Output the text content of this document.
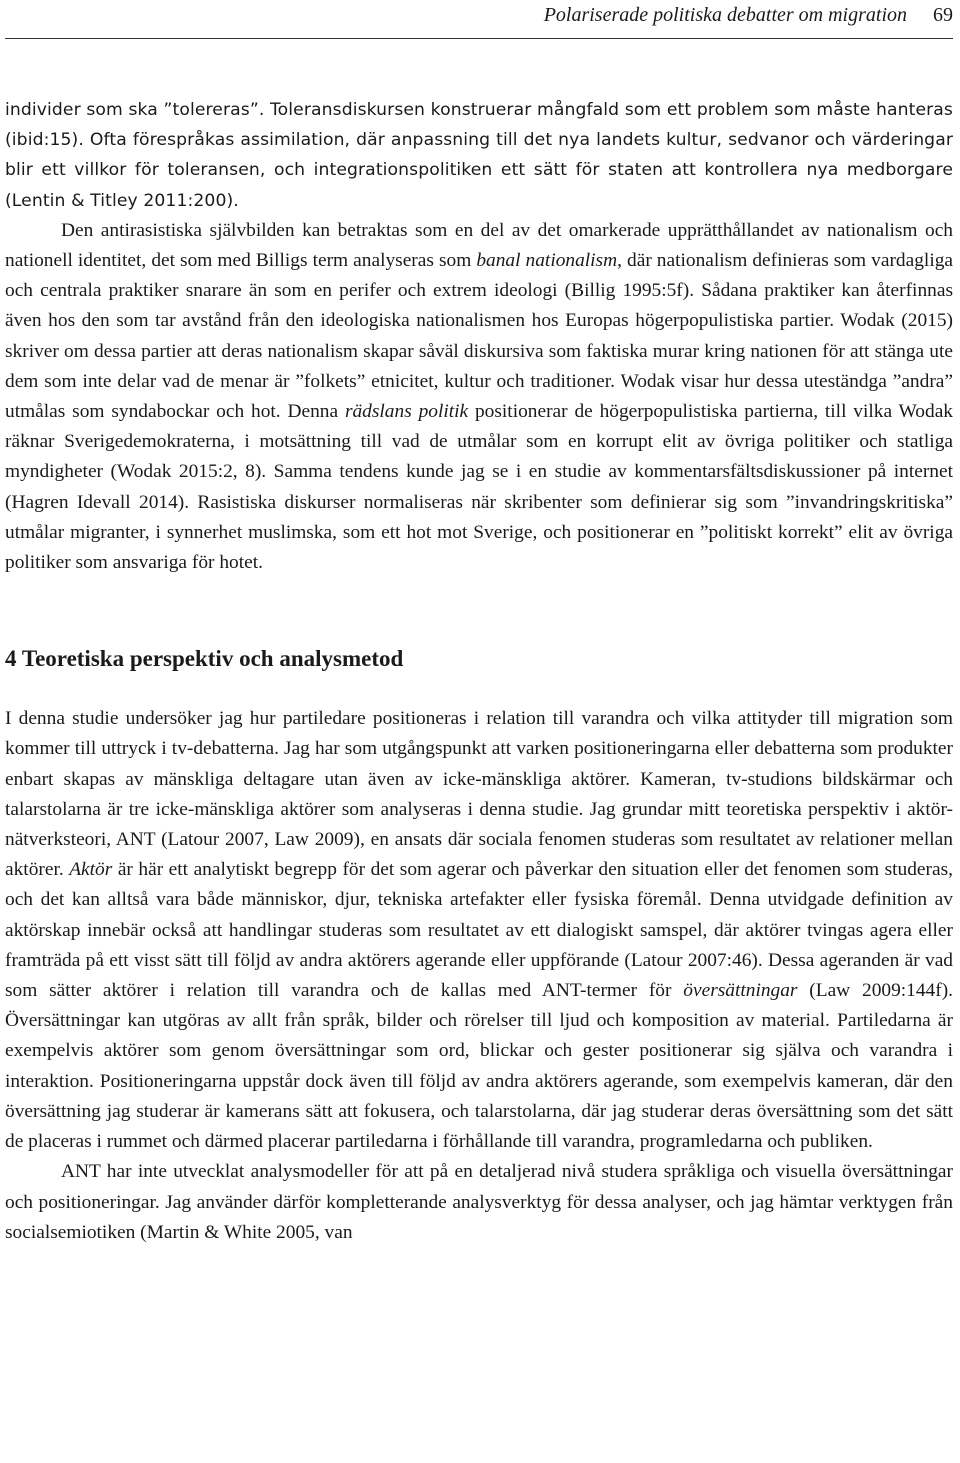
Polariserade politiska debatter om migration 69

individer som ska ”tolereras”. Toleransdiskursen konstruerar mångfald som ett problem som måste hanteras (ibid:15). Ofta förespråkas assimilation, där anpassning till det nya landets kultur, sedvanor och värderingar blir ett villkor för toleransen, och integrationspolitiken ett sätt för staten att kontrollera nya medborgare (Lentin & Titley 2011:200).

Den antirasistiska självbilden kan betraktas som en del av det omarkerade upprätthållandet av nationalism och nationell identitet, det som med Billigs term analyseras som banal nationalism, där nationalism definieras som vardagliga och centrala praktiker snarare än som en perifer och extrem ideologi (Billig 1995:5f). Sådana praktiker kan återfinnas även hos den som tar avstånd från den ideologiska nationalismen hos Europas högerpopulistiska partier. Wodak (2015) skriver om dessa partier att deras nationalism skapar såväl diskursiva som faktiska murar kring nationen för att stänga ute dem som inte delar vad de menar är ”folkets” etnicitet, kultur och traditioner. Wodak visar hur dessa uteständga ”andra” utmålas som syndabockar och hot. Denna rädslans politik positionerar de högerpopulistiska partierna, till vilka Wodak räknar Sverigedemokraterna, i motsättning till vad de utmålar som en korrupt elit av övriga politiker och statliga myndigheter (Wodak 2015:2, 8). Samma tendens kunde jag se i en studie av kommentarsfältsdiskussioner på internet (Hagren Idevall 2014). Rasistiska diskurser normaliseras när skribenter som definierar sig som ”invandringskritiska” utmålar migranter, i synnerhet muslimska, som ett hot mot Sverige, och positionerar en ”politiskt korrekt” elit av övriga politiker som ansvariga för hotet.

4 Teoretiska perspektiv och analysmetod

I denna studie undersöker jag hur partiledare positioneras i relation till varandra och vilka attityder till migration som kommer till uttryck i tv-debatterna. Jag har som utgångspunkt att varken positioneringarna eller debatterna som produkter enbart skapas av mänskliga deltagare utan även av icke-mänskliga aktörer. Kameran, tv-studions bildskärmar och talarstolarna är tre icke-mänskliga aktörer som analyseras i denna studie. Jag grundar mitt teoretiska perspektiv i aktör-nätverksteori, ANT (Latour 2007, Law 2009), en ansats där sociala fenomen studeras som resultatet av relationer mellan aktörer. Aktör är här ett analytiskt begrepp för det som agerar och påverkar den situation eller det fenomen som studeras, och det kan alltså vara både människor, djur, tekniska artefakter eller fysiska föremål. Denna utvidgade definition av aktörskap innebär också att handlingar studeras som resultatet av ett dialogiskt samspel, där aktörer tvingas agera eller framträda på ett visst sätt till följd av andra aktörers agerande eller uppförande (Latour 2007:46). Dessa ageranden är vad som sätter aktörer i relation till varandra och de kallas med ANT-termer för översättningar (Law 2009:144f). Översättningar kan utgöras av allt från språk, bilder och rörelser till ljud och komposition av material. Partiledarna är exempelvis aktörer som genom översättningar som ord, blickar och gester positionerar sig själva och varandra i interaktion. Positioneringarna uppstår dock även till följd av andra aktörers agerande, som exempelvis kameran, där den översättning jag studerar är kamerans sätt att fokusera, och talarstolarna, där jag studerar deras översättning som det sätt de placeras i rummet och därmed placerar partiledarna i förhållande till varandra, programledarna och publiken.

ANT har inte utvecklat analysmodeller för att på en detaljerad nivå studera språkliga och visuella översättningar och positioneringar. Jag använder därför kompletterande analysverktyg för dessa analyser, och jag hämtar verktygen från socialsemiotiken (Martin & White 2005, van
